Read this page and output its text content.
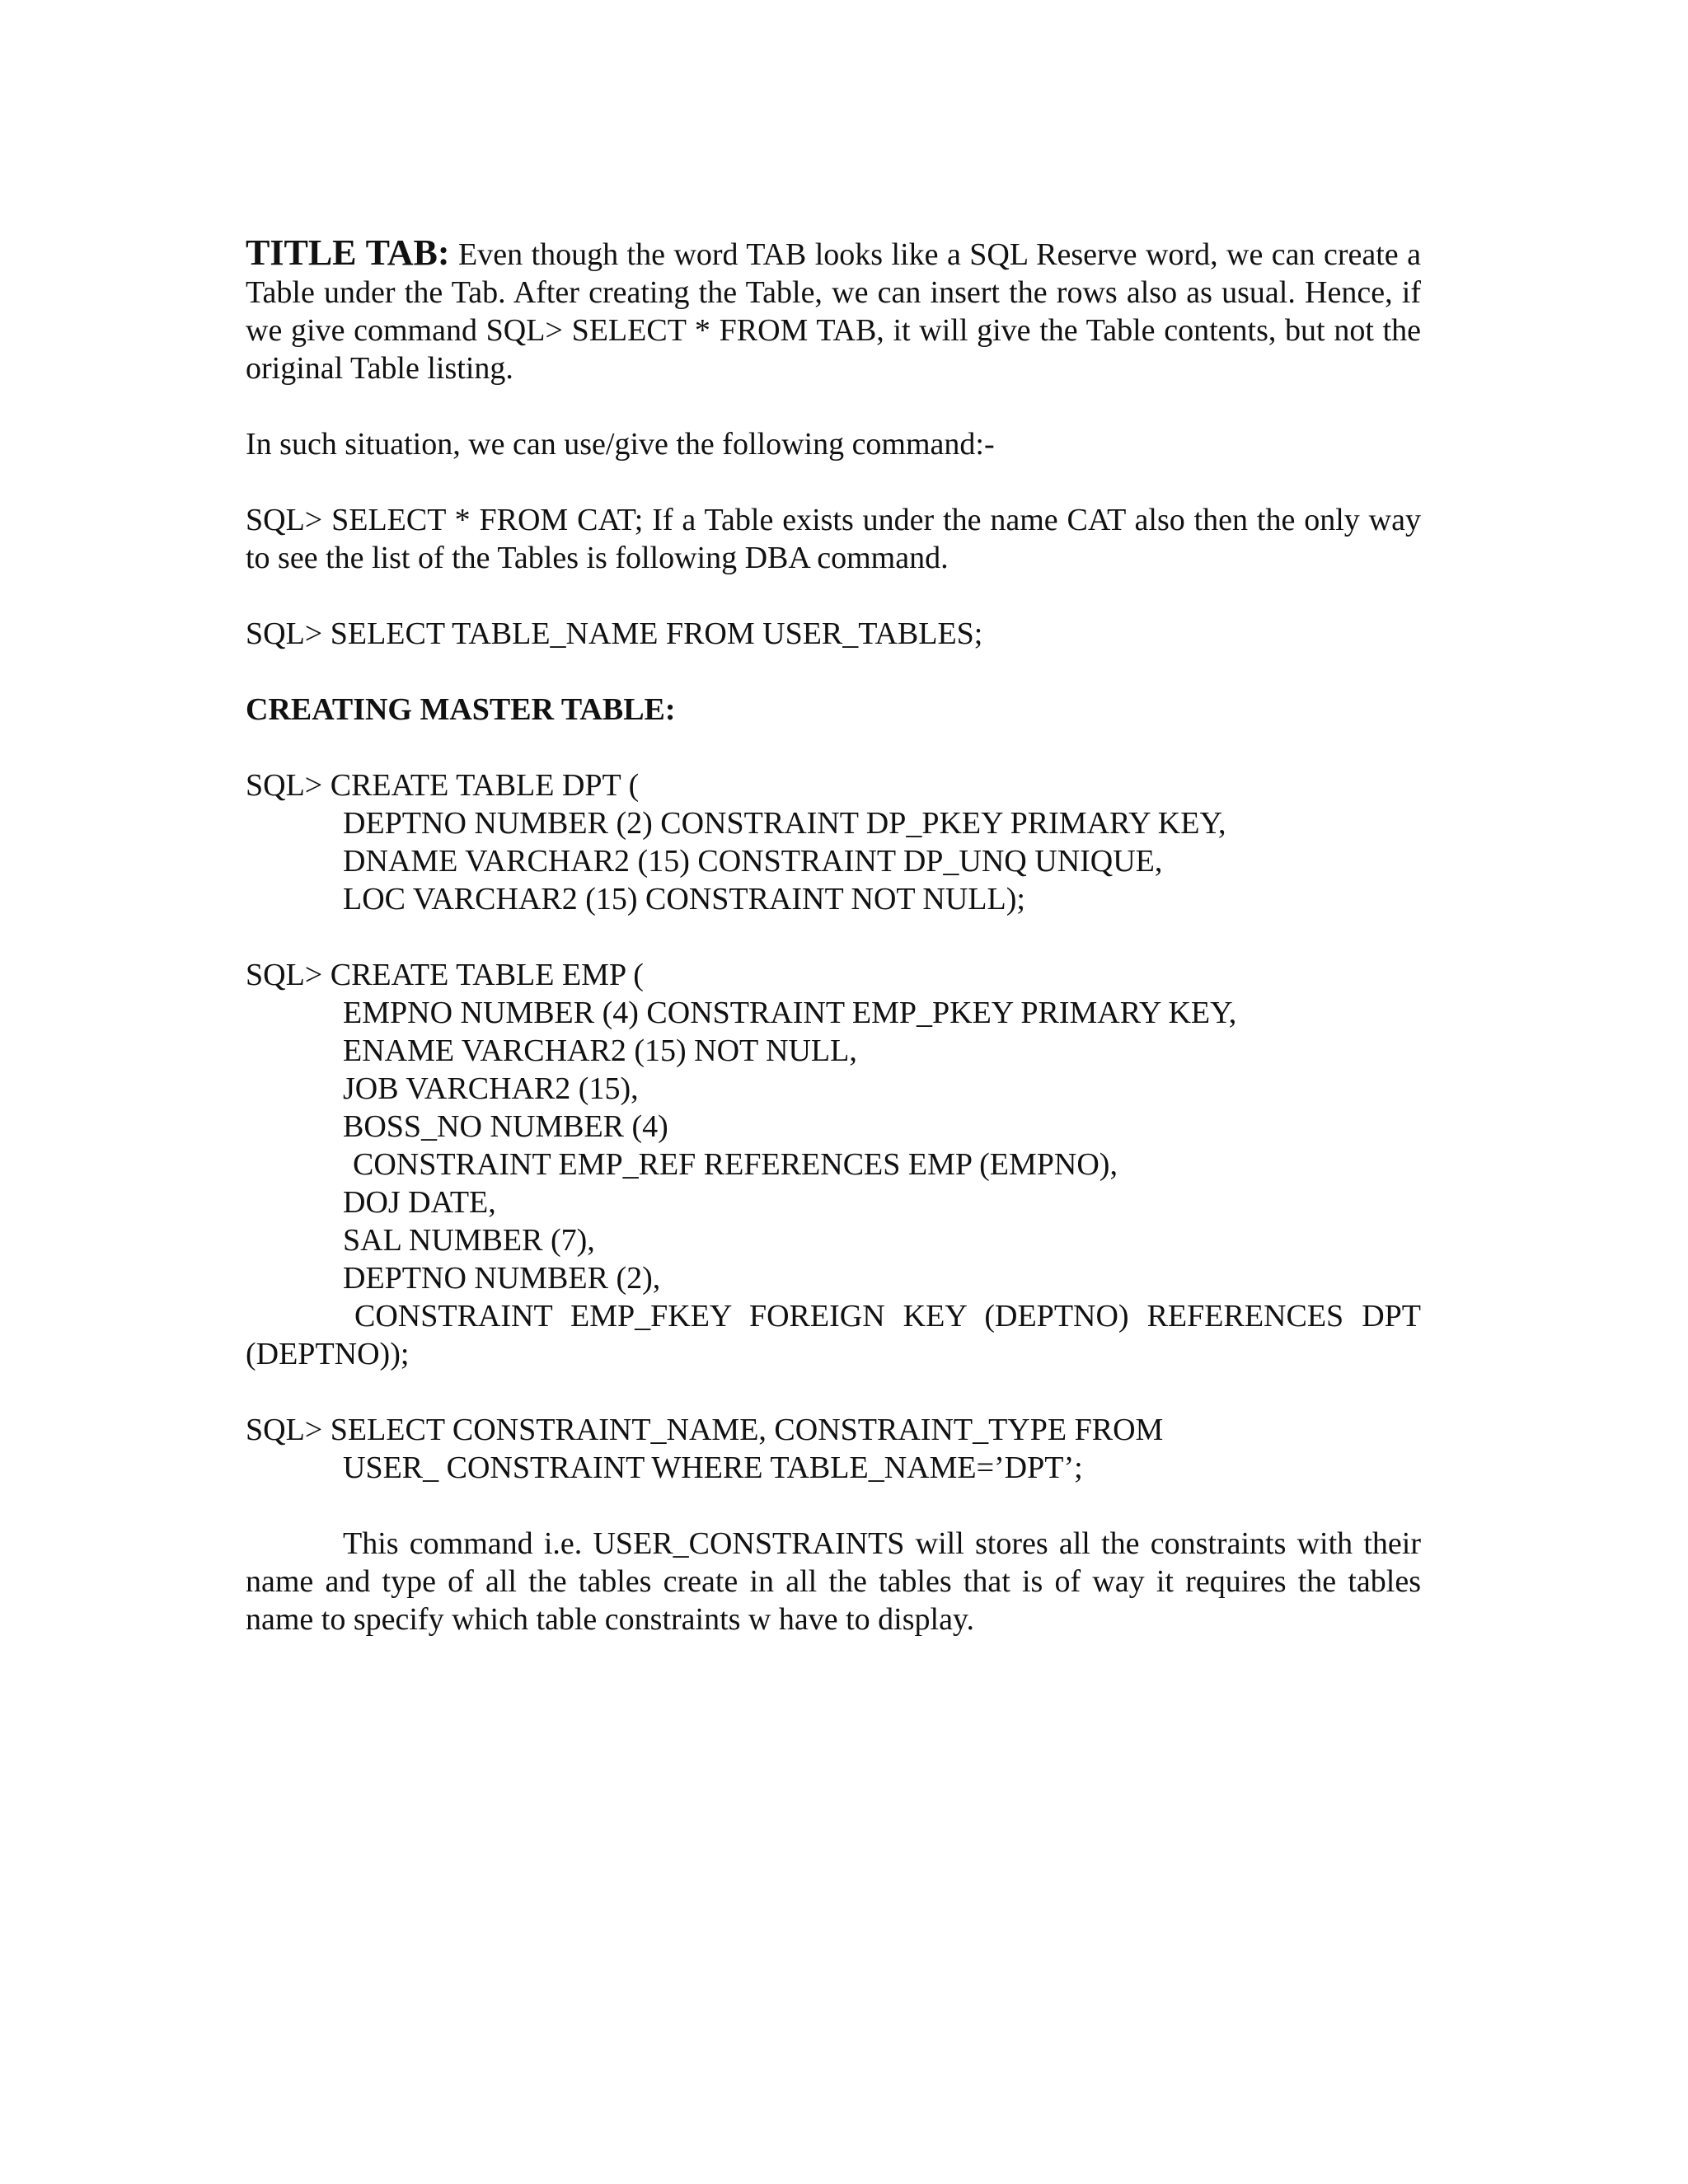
TITLE TAB: Even though the word TAB looks like a SQL Reserve word, we can create a Table under the Tab. After creating the Table, we can insert the rows also as usual. Hence, if we give command SQL> SELECT * FROM TAB, it will give the Table contents, but not the original Table listing.

In such situation, we can use/give the following command:-

SQL> SELECT * FROM CAT; If a Table exists under the name CAT also then the only way to see the list of the Tables is following DBA command.

SQL> SELECT TABLE_NAME FROM USER_TABLES;

CREATING MASTER TABLE:

SQL> CREATE TABLE DPT (
DEPTNO NUMBER (2) CONSTRAINT DP_PKEY PRIMARY KEY,
DNAME VARCHAR2 (15) CONSTRAINT DP_UNQ UNIQUE,
LOC VARCHAR2 (15) CONSTRAINT NOT NULL);
SQL> CREATE TABLE EMP (
EMPNO NUMBER (4) CONSTRAINT EMP_PKEY PRIMARY KEY,
ENAME VARCHAR2 (15) NOT NULL,
JOB VARCHAR2 (15),
BOSS_NO NUMBER (4)
CONSTRAINT EMP_REF REFERENCES EMP (EMPNO),
DOJ DATE,
SAL NUMBER (7),
DEPTNO NUMBER (2),
CONSTRAINT EMP_FKEY FOREIGN KEY (DEPTNO) REFERENCES DPT
(DEPTNO));
SQL> SELECT CONSTRAINT_NAME, CONSTRAINT_TYPE FROM
USER_ CONSTRAINT WHERE TABLE_NAME=’DPT’;

This command i.e. USER_CONSTRAINTS will stores all the constraints with their name and type of all the tables create in all the tables that is of way it requires the tables name to specify which table constraints w have to display.
